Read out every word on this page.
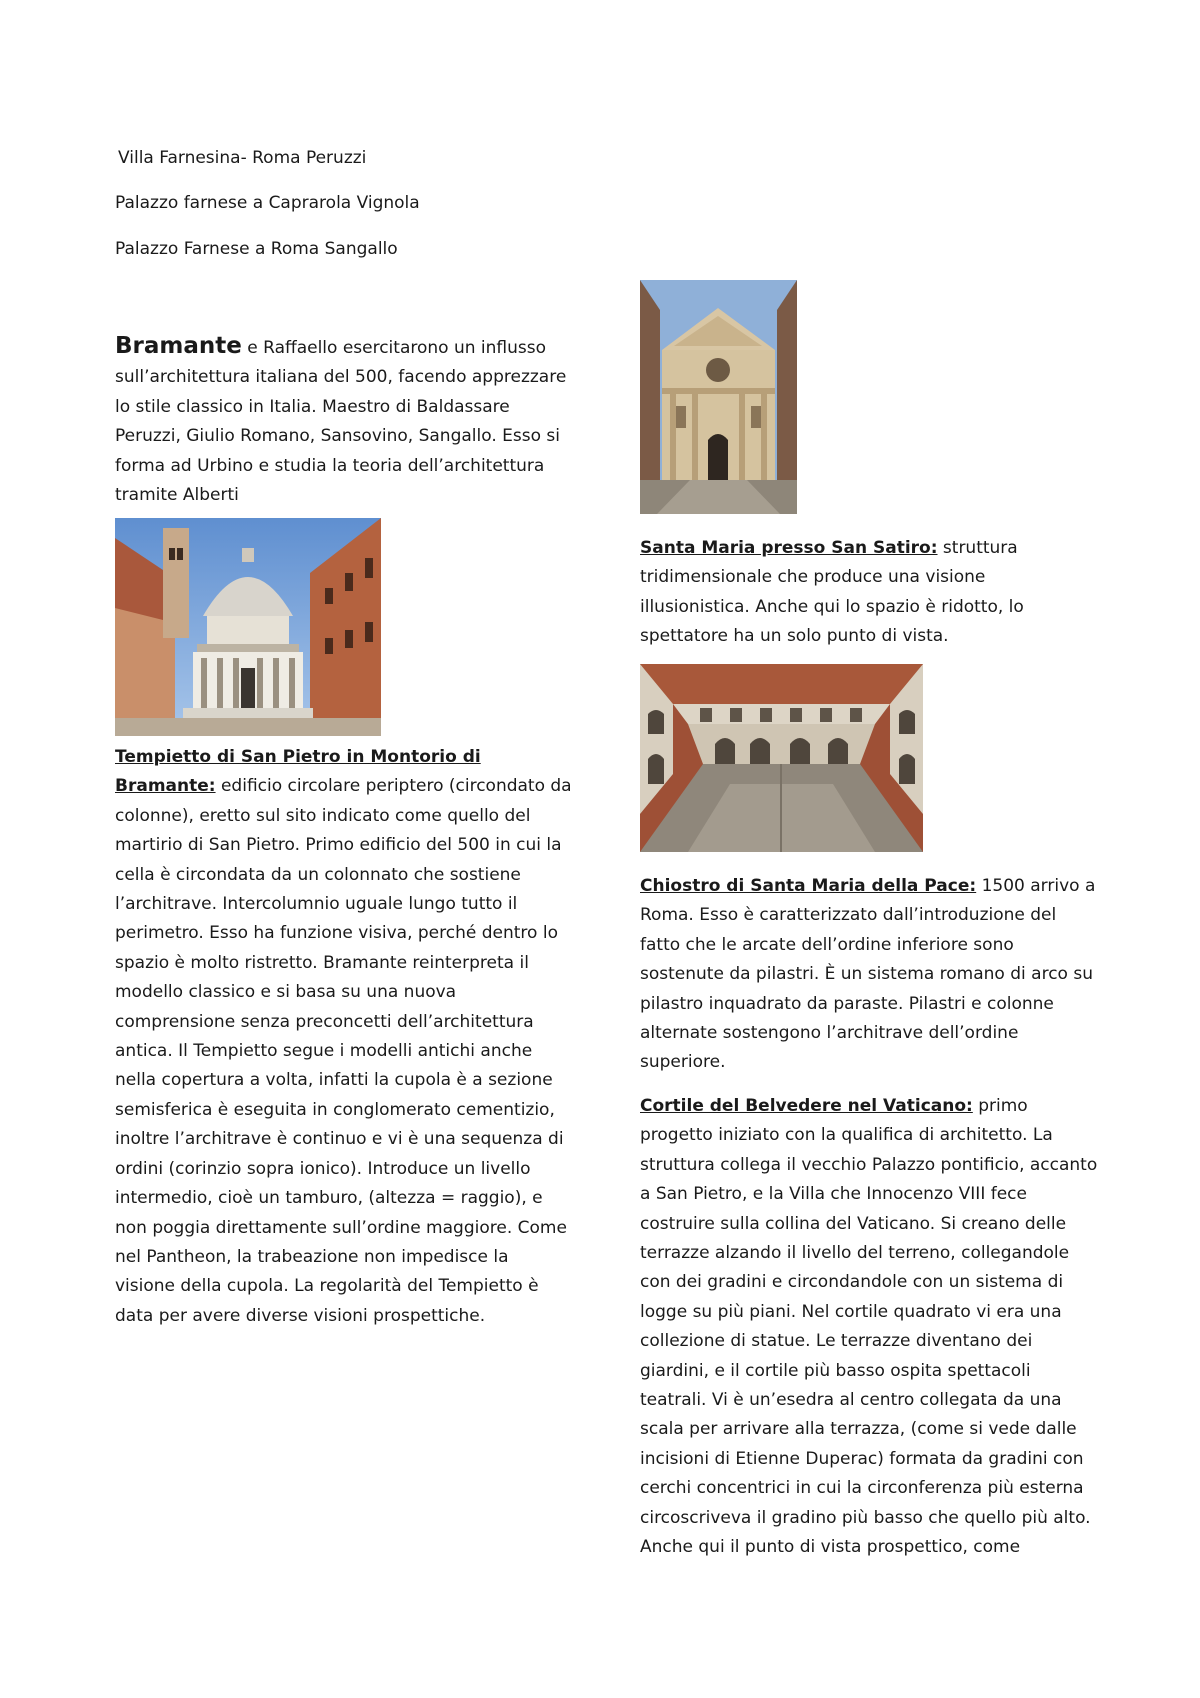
Villa Farnesina- Roma Peruzzi
Palazzo farnese a Caprarola Vignola
Palazzo Farnese a Roma Sangallo

Bramante e Raffaello esercitarono un influsso sull’architettura italiana del 500, facendo apprezzare lo stile classico in Italia. Maestro di Baldassare Peruzzi, Giulio Romano, Sansovino, Sangallo. Esso si forma ad Urbino e studia la teoria dell’architettura tramite Alberti

Tempietto di San Pietro in Montorio di Bramante: edificio circolare periptero (circondato da colonne), eretto sul sito indicato come quello del martirio di San Pietro. Primo edificio del 500 in cui la cella è circondata da un colonnato che sostiene l’architrave. Intercolumnio uguale lungo tutto il perimetro. Esso ha funzione visiva, perché dentro lo spazio è molto ristretto. Bramante reinterpreta il modello classico e si basa su una nuova comprensione senza preconcetti dell’architettura antica. Il Tempietto segue i modelli antichi anche nella copertura a volta, infatti la cupola è a sezione semisferica è eseguita in conglomerato cementizio, inoltre l’architrave è continuo e vi è una sequenza di ordini (corinzio sopra ionico). Introduce un livello intermedio, cioè un tamburo, (altezza = raggio), e non poggia direttamente sull’ordine maggiore. Come nel Pantheon, la trabeazione non impedisce la visione della cupola. La regolarità del Tempietto è data per avere diverse visioni prospettiche.

Santa Maria presso San Satiro: struttura tridimensionale che produce una visione illusionistica. Anche qui lo spazio è ridotto, lo spettatore ha un solo punto di vista.

Chiostro di Santa Maria della Pace: 1500 arrivo a Roma. Esso è caratterizzato dall’introduzione del fatto che le arcate dell’ordine inferiore sono sostenute da pilastri. È un sistema romano di arco su pilastro inquadrato da paraste. Pilastri e colonne alternate sostengono l’architrave dell’ordine superiore.

Cortile del Belvedere nel Vaticano: primo progetto iniziato con la qualifica di architetto. La struttura collega il vecchio Palazzo pontificio, accanto a San Pietro, e la Villa che Innocenzo VIII fece costruire sulla collina del Vaticano. Si creano delle terrazze alzando il livello del terreno, collegandole con dei gradini e circondandole con un sistema di logge su più piani. Nel cortile quadrato vi era una collezione di statue. Le terrazze diventano dei giardini, e il cortile più basso ospita spettacoli teatrali. Vi è un’esedra al centro collegata da una scala per arrivare alla terrazza, (come si vede dalle incisioni di Etienne Duperac) formata da gradini con cerchi concentrici in cui la circonferenza più esterna circoscriveva il gradino più basso che quello più alto. Anche qui il punto di vista prospettico, come
